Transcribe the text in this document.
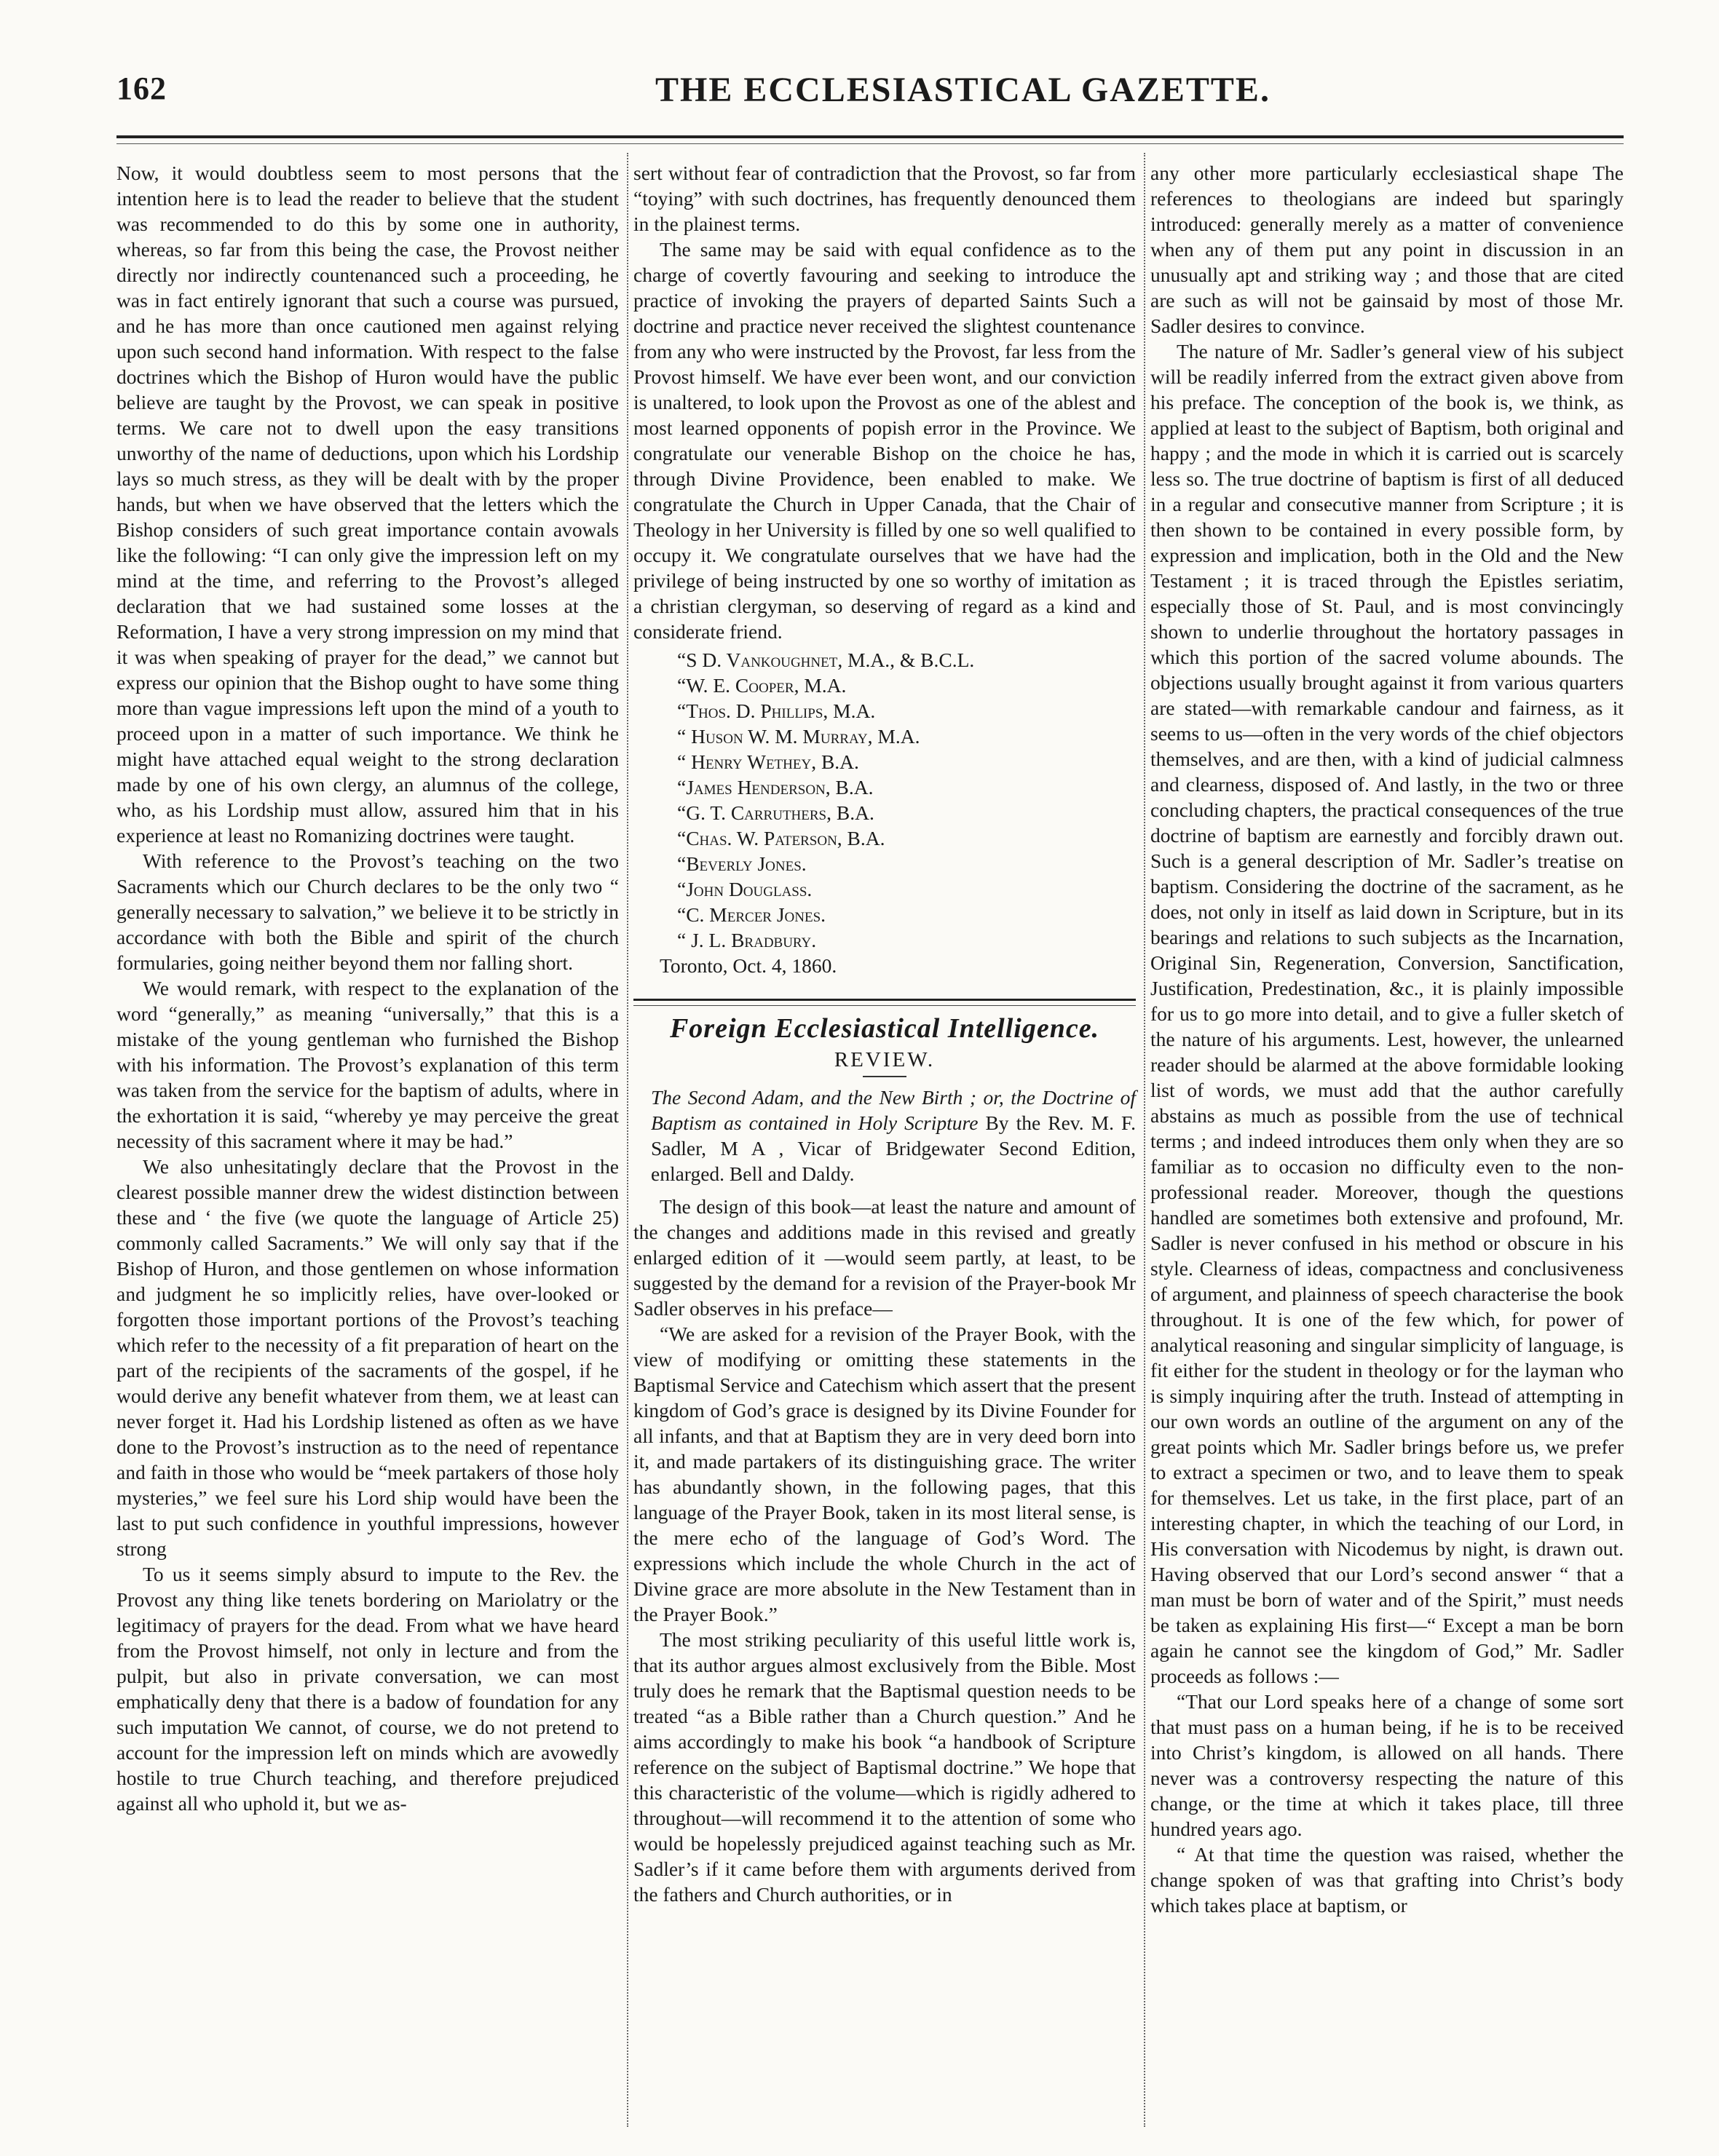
162	THE ECCLESIASTICAL GAZETTE.

Now, it would doubtless seem to most persons that the intention here is to lead the reader to believe that the student was recommended to do this by some one in authority, whereas, so far from this being the case, the Provost neither directly nor indirectly countenanced such a proceeding, he was in fact entirely ignorant that such a course was pursued, and he has more than once cautioned men against relying upon such second hand information. With respect to the false doctrines which the Bishop of Huron would have the public believe are taught by the Provost, we can speak in positive terms. We care not to dwell upon the easy transitions unworthy of the name of deductions, upon which his Lordship lays so much stress, as they will be dealt with by the proper hands, but when we have observed that the letters which the Bishop considers of such great importance contain avowals like the following: “I can only give the impression left on my mind at the time, and referring to the Provost’s alleged declaration that we had sustained some losses at the Reformation, I have a very strong impression on my mind that it was when speaking of prayer for the dead,” we cannot but express our opinion that the Bishop ought to have some thing more than vague impressions left upon the mind of a youth to proceed upon in a matter of such importance. We think he might have attached equal weight to the strong declaration made by one of his own clergy, an alumnus of the college, who, as his Lordship must allow, assured him that in his experience at least no Romanizing doctrines were taught.

With reference to the Provost’s teaching on the two Sacraments which our Church declares to be the only two “ generally necessary to salvation,” we believe it to be strictly in accordance with both the Bible and spirit of the church formularies, going neither beyond them nor falling short.

We would remark, with respect to the explanation of the word “generally,” as meaning “universally,” that this is a mistake of the young gentleman who furnished the Bishop with his information. The Provost’s explanation of this term was taken from the service for the baptism of adults, where in the exhortation it is said, “whereby ye may perceive the great necessity of this sacrament where it may be had.”

We also unhesitatingly declare that the Provost in the clearest possible manner drew the widest distinction between these and ‘ the five (we quote the language of Article 25) commonly called Sacraments.” We will only say that if the Bishop of Huron, and those gentlemen on whose information and judgment he so implicitly relies, have over-looked or forgotten those important portions of the Provost’s teaching which refer to the necessity of a fit preparation of heart on the part of the recipients of the sacraments of the gospel, if he would derive any benefit whatever from them, we at least can never forget it. Had his Lordship listened as often as we have done to the Provost’s instruction as to the need of repentance and faith in those who would be “meek partakers of those holy mysteries,” we feel sure his Lord ship would have been the last to put such confidence in youthful impressions, however strong

To us it seems simply absurd to impute to the Rev. the Provost any thing like tenets bordering on Mariolatry or the legitimacy of prayers for the dead. From what we have heard from the Provost himself, not only in lecture and from the pulpit, but also in private conversation, we can most emphatically deny that there is a badow of foundation for any such imputation We cannot, of course, we do not pretend to account for the impression left on minds which are avowedly hostile to true Church teaching, and therefore prejudiced against all who uphold it, but we as-

sert without fear of contradiction that the Provost, so far from “toying” with such doctrines, has frequently denounced them in the plainest terms.

The same may be said with equal confidence as to the charge of covertly favouring and seeking to introduce the practice of invoking the prayers of departed Saints Such a doctrine and practice never received the slightest countenance from any who were instructed by the Provost, far less from the Provost himself. We have ever been wont, and our conviction is unaltered, to look upon the Provost as one of the ablest and most learned opponents of popish error in the Province. We congratulate our venerable Bishop on the choice he has, through Divine Providence, been enabled to make. We congratulate the Church in Upper Canada, that the Chair of Theology in her University is filled by one so well qualified to occupy it. We congratulate ourselves that we have had the privilege of being instructed by one so worthy of imitation as a christian clergyman, so deserving of regard as a kind and considerate friend.

“S D. Vankoughnet, M.A., & B.C.L.
“W. E. Cooper, M.A.
“Thos. D. Phillips, M.A.
“ Huson W. M. Murray, M.A.
“ Henry Wethey, B.A.
“James Henderson, B.A.
“G. T. Carruthers, B.A.
“Chas. W. Paterson, B.A.
“Beverly Jones.
“John Douglass.
“C. Mercer Jones.
“ J. L. Bradbury.

Toronto, Oct. 4, 1860.

Foreign Ecclesiastical Intelligence.
REVIEW.

The Second Adam, and the New Birth ; or, the Doctrine of Baptism as contained in Holy Scripture By the Rev. M. F. Sadler, M A , Vicar of Bridgewater Second Edition, enlarged. Bell and Daldy.

The design of this book—at least the nature and amount of the changes and additions made in this revised and greatly enlarged edition of it —would seem partly, at least, to be suggested by the demand for a revision of the Prayer-book Mr Sadler observes in his preface—

“We are asked for a revision of the Prayer Book, with the view of modifying or omitting these statements in the Baptismal Service and Catechism which assert that the present kingdom of God’s grace is designed by its Divine Founder for all infants, and that at Baptism they are in very deed born into it, and made partakers of its distinguishing grace. The writer has abundantly shown, in the following pages, that this language of the Prayer Book, taken in its most literal sense, is the mere echo of the language of God’s Word. The expressions which include the whole Church in the act of Divine grace are more absolute in the New Testament than in the Prayer Book.”

The most striking peculiarity of this useful little work is, that its author argues almost exclusively from the Bible. Most truly does he remark that the Baptismal question needs to be treated “as a Bible rather than a Church question.” And he aims accordingly to make his book “a handbook of Scripture reference on the subject of Baptismal doctrine.” We hope that this characteristic of the volume—which is rigidly adhered to throughout—will recommend it to the attention of some who would be hopelessly prejudiced against teaching such as Mr. Sadler’s if it came before them with arguments derived from the fathers and Church authorities, or in

any other more particularly ecclesiastical shape The references to theologians are indeed but sparingly introduced: generally merely as a matter of convenience when any of them put any point in discussion in an unusually apt and striking way ; and those that are cited are such as will not be gainsaid by most of those Mr. Sadler desires to convince.

The nature of Mr. Sadler’s general view of his subject will be readily inferred from the extract given above from his preface. The conception of the book is, we think, as applied at least to the subject of Baptism, both original and happy ; and the mode in which it is carried out is scarcely less so. The true doctrine of baptism is first of all deduced in a regular and consecutive manner from Scripture ; it is then shown to be contained in every possible form, by expression and implication, both in the Old and the New Testament ; it is traced through the Epistles seriatim, especially those of St. Paul, and is most convincingly shown to underlie throughout the hortatory passages in which this portion of the sacred volume abounds. The objections usually brought against it from various quarters are stated—with remarkable candour and fairness, as it seems to us—often in the very words of the chief objectors themselves, and are then, with a kind of judicial calmness and clearness, disposed of. And lastly, in the two or three concluding chapters, the practical consequences of the true doctrine of baptism are earnestly and forcibly drawn out. Such is a general description of Mr. Sadler’s treatise on baptism. Considering the doctrine of the sacrament, as he does, not only in itself as laid down in Scripture, but in its bearings and relations to such subjects as the Incarnation, Original Sin, Regeneration, Conversion, Sanctification, Justification, Predestination, &c., it is plainly impossible for us to go more into detail, and to give a fuller sketch of the nature of his arguments. Lest, however, the unlearned reader should be alarmed at the above formidable looking list of words, we must add that the author carefully abstains as much as possible from the use of technical terms ; and indeed introduces them only when they are so familiar as to occasion no difficulty even to the non-professional reader. Moreover, though the questions handled are sometimes both extensive and profound, Mr. Sadler is never confused in his method or obscure in his style. Clearness of ideas, compactness and conclusiveness of argument, and plainness of speech characterise the book throughout. It is one of the few which, for power of analytical reasoning and singular simplicity of language, is fit either for the student in theology or for the layman who is simply inquiring after the truth. Instead of attempting in our own words an outline of the argument on any of the great points which Mr. Sadler brings before us, we prefer to extract a specimen or two, and to leave them to speak for themselves. Let us take, in the first place, part of an interesting chapter, in which the teaching of our Lord, in His conversation with Nicodemus by night, is drawn out. Having observed that our Lord’s second answer “ that a man must be born of water and of the Spirit,” must needs be taken as explaining His first—“ Except a man be born again he cannot see the kingdom of God,” Mr. Sadler proceeds as follows :—

“That our Lord speaks here of a change of some sort that must pass on a human being, if he is to be received into Christ’s kingdom, is allowed on all hands. There never was a controversy respecting the nature of this change, or the time at which it takes place, till three hundred years ago.

“ At that time the question was raised, whether the change spoken of was that grafting into Christ’s body which takes place at baptism, or
